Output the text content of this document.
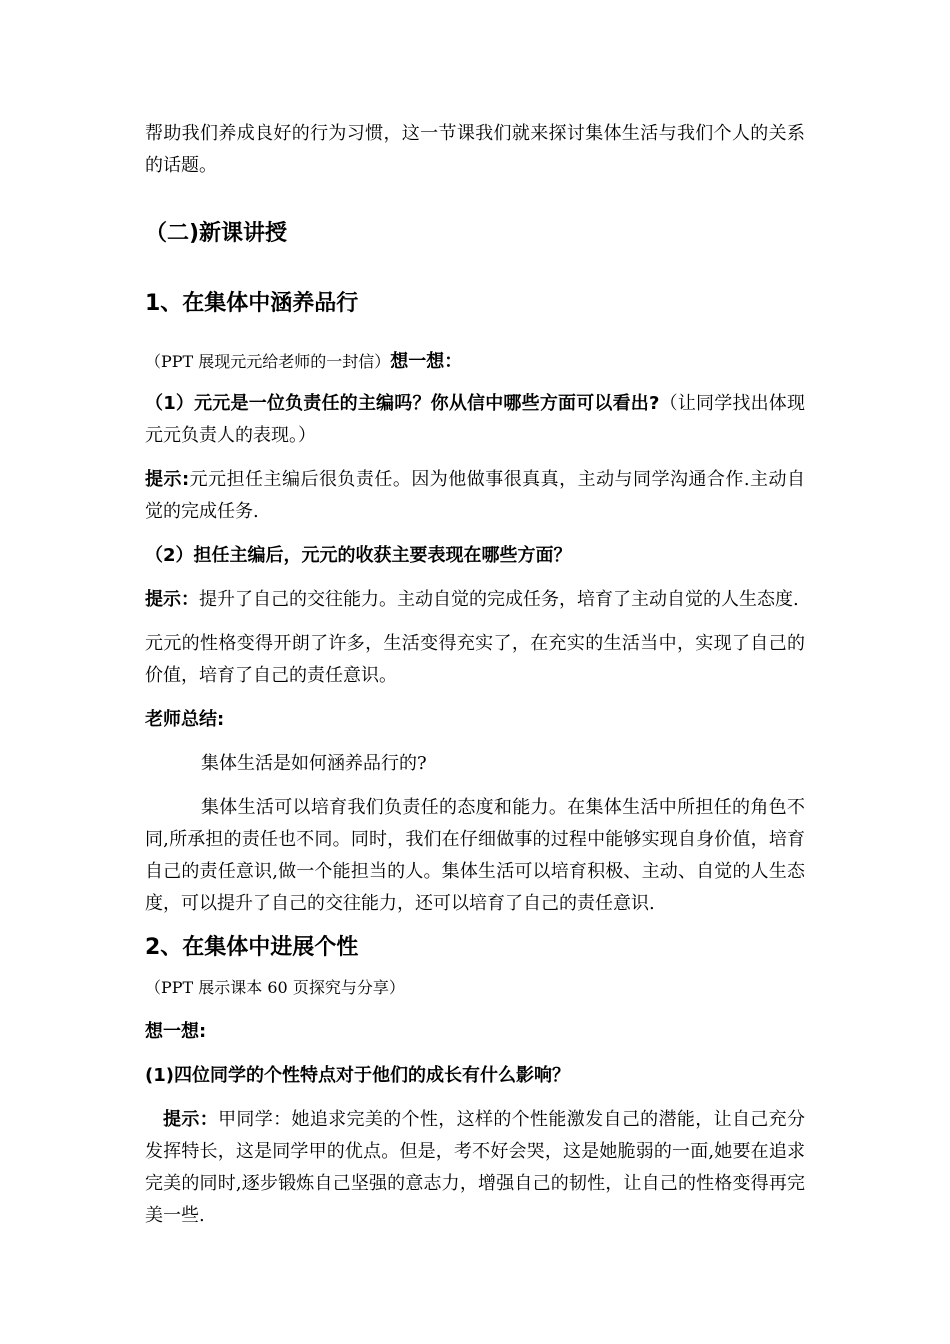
帮助我们养成良好的行为习惯，这一节课我们就来探讨集体生活与我们个人的关系的话题。

（二)新课讲授

1、在集体中涵养品行

（PPT 展现元元给老师的一封信）想一想：

（1）元元是一位负责任的主编吗？你从信中哪些方面可以看出?（让同学找出体现元元负责人的表现。）

提示:元元担任主编后很负责任。因为他做事很真真，主动与同学沟通合作.主动自觉的完成任务.

（2）担任主编后，元元的收获主要表现在哪些方面？

提示：提升了自己的交往能力。主动自觉的完成任务，培育了主动自觉的人生态度.

元元的性格变得开朗了许多，生活变得充实了，在充实的生活当中，实现了自己的价值，培育了自己的责任意识。

老师总结:

集体生活是如何涵养品行的?

集体生活可以培育我们负责任的态度和能力。在集体生活中所担任的角色不同,所承担的责任也不同。同时，我们在仔细做事的过程中能够实现自身价值，培育自己的责任意识,做一个能担当的人。集体生活可以培育积极、主动、自觉的人生态度，可以提升了自己的交往能力，还可以培育了自己的责任意识.

2、在集体中进展个性

（PPT 展示课本 60 页探究与分享）

想一想:

(1)四位同学的个性特点对于他们的成长有什么影响？

提示：甲同学：她追求完美的个性，这样的个性能激发自己的潜能，让自己充分发挥特长，这是同学甲的优点。但是，考不好会哭，这是她脆弱的一面,她要在追求完美的同时,逐步锻炼自己坚强的意志力，增强自己的韧性，让自己的性格变得再完美一些.
